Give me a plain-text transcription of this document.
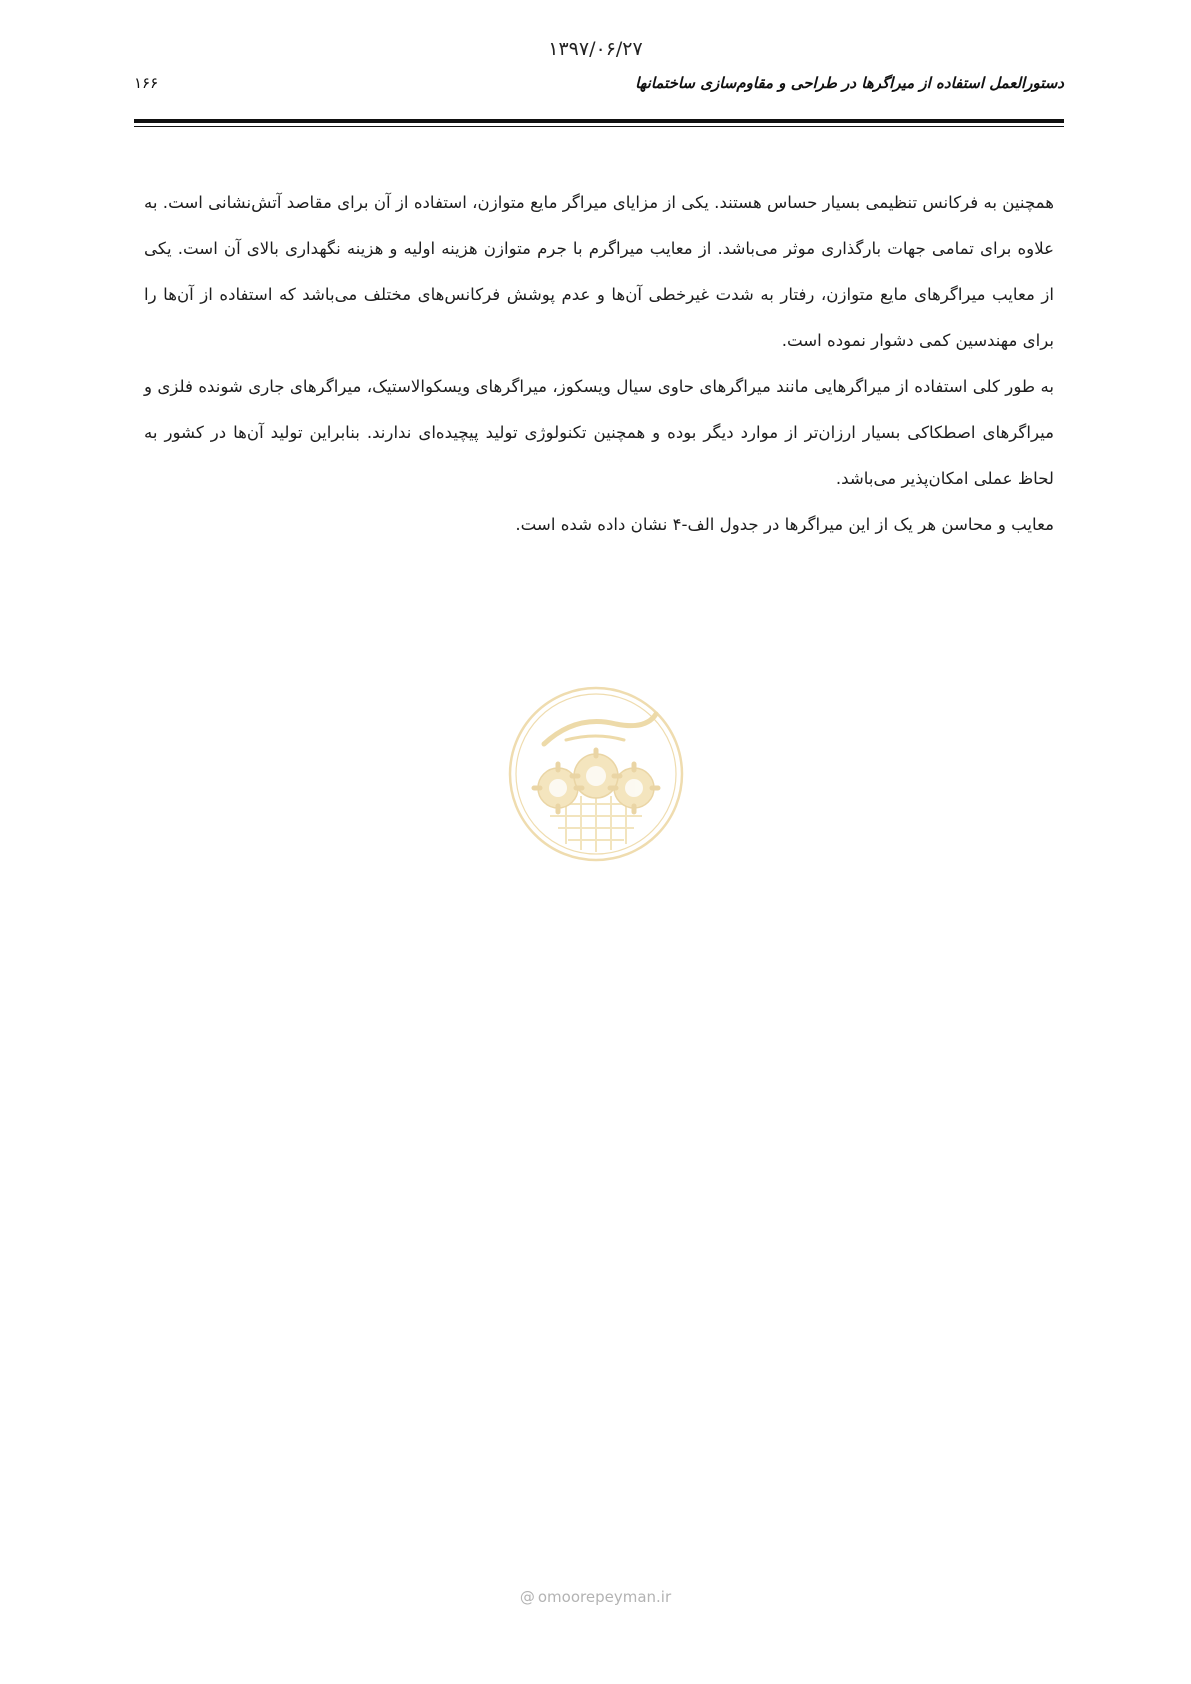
۱۳۹۷/۰۶/۲۷
دستورالعمل استفاده از میراگرها در طراحی و مقاوم‌سازی ساختمانها
۱۶۶

همچنین به فرکانس تنظیمی بسیار حساس هستند. یکی از مزایای میراگر مایع متوازن، استفاده از آن برای مقاصد آتش‌نشانی است. به علاوه برای تمامی جهات بارگذاری موثر می‌باشد. از معایب میراگرم با جرم متوازن هزینه اولیه و هزینه نگهداری بالای آن است. یکی از معایب میراگرهای مایع متوازن، رفتار به شدت غیرخطی آن‌ها و عدم پوشش فرکانس‌های مختلف می‌باشد که استفاده از آن‌ها را برای مهندسین کمی دشوار نموده است.

به طور کلی استفاده از میراگرهایی مانند میراگرهای حاوی سیال ویسکوز، میراگرهای ویسکوالاستیک، میراگرهای جاری شونده فلزی و میراگرهای اصطکاکی بسیار ارزان‌تر از موارد دیگر بوده و همچنین تکنولوژی تولید پیچیده‌ای ندارند. بنابراین تولید آن‌ها در کشور به لحاظ عملی امکان‌پذیر می‌باشد.

معایب و محاسن هر یک از این میراگرها در جدول الف-۴ نشان داده شده است.

@ omoorepeyman.ir
